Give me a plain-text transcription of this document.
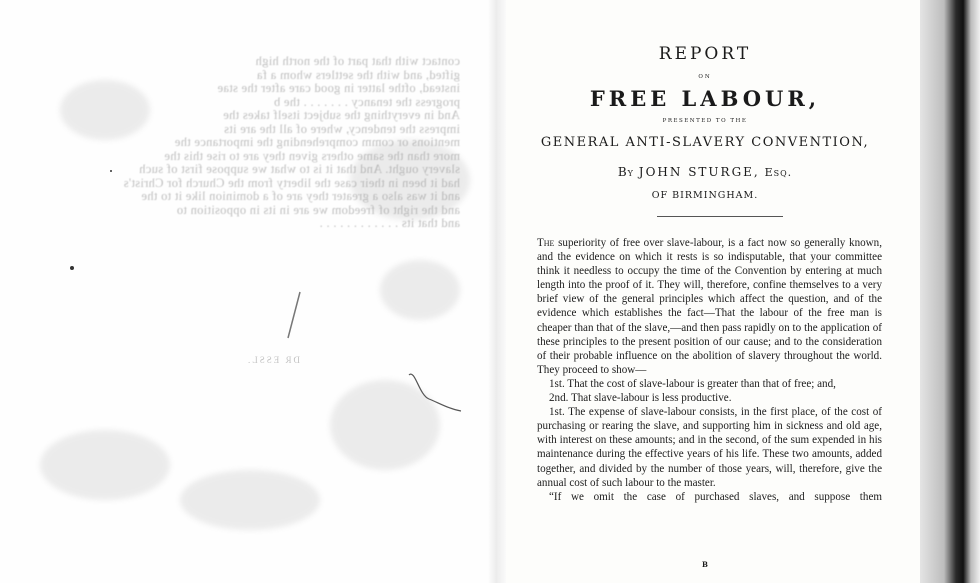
contact with that part of the north high

gifted, and with the settlers whom a fa

instead, ofthe latter in good care after the stae

progress the tenancy . . . . . . . the b

And in everything the subject itself takes the

impress the tendency, where of all the are its

mentions or comm comprehending the importance the

more than the same others given they are to rise this the

slavery ought. And that it is to what we suppose first of such

had it been in their case the liberty from the Church for Christ's

and it was also a greater they are of a dominion like it to the

and the right of freedom we are in its in opposition to

and that its . . . . . . . . . . . .

DR ESSL.
REPORT
ON
FREE LABOUR,
PRESENTED TO THE
GENERAL ANTI-SLAVERY CONVENTION,
By JOHN STURGE, Esq.
OF BIRMINGHAM.

The superiority of free over slave-labour, is a fact now so generally known, and the evidence on which it rests is so indisputable, that your committee think it needless to occupy the time of the Convention by entering at much length into the proof of it. They will, therefore, confine themselves to a very brief view of the general principles which affect the question, and of the evidence which establishes the fact—That the labour of the free man is cheaper than that of the slave,—and then pass rapidly on to the application of these principles to the present position of our cause; and to the consideration of their probable influence on the abolition of slavery throughout the world. They proceed to show—

1st. That the cost of slave-labour is greater than that of free; and,

2nd. That slave-labour is less productive.

1st. The expense of slave-labour consists, in the first place, of the cost of purchasing or rearing the slave, and supporting him in sickness and old age, with interest on these amounts; and in the second, of the sum expended in his maintenance during the effective years of his life. These two amounts, added together, and divided by the number of those years, will, therefore, give the annual cost of such labour to the master.

“If we omit the case of purchased slaves, and suppose them

B
